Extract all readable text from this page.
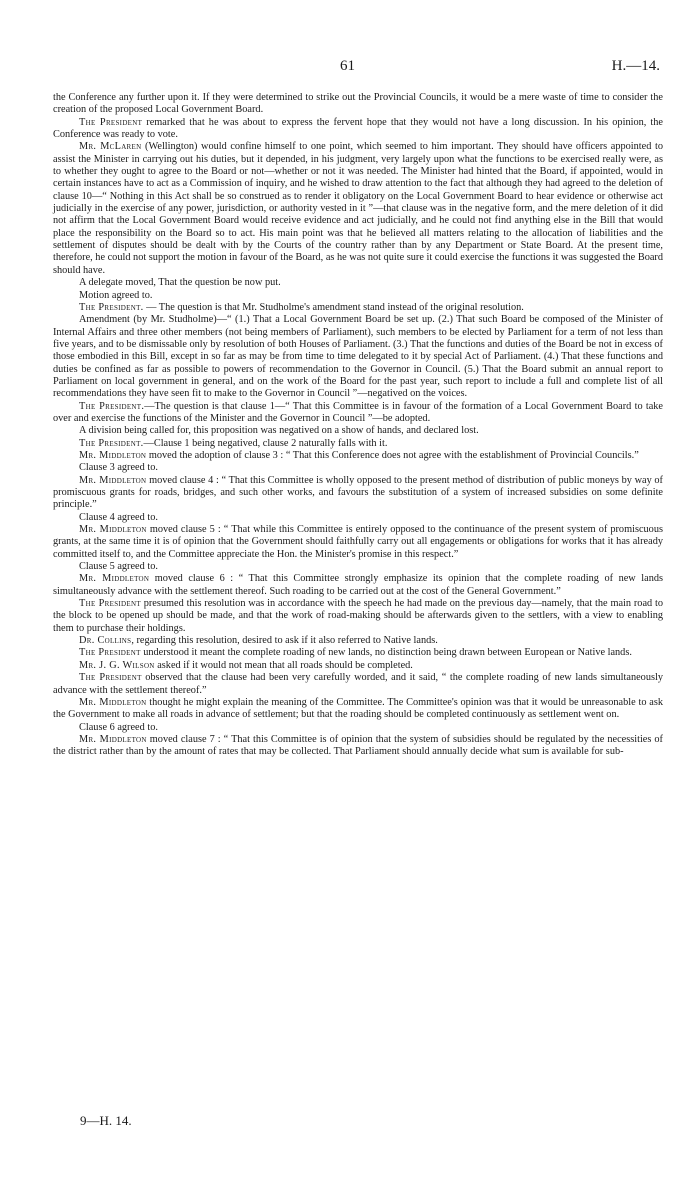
61	H.—14.

the Conference any further upon it. If they were determined to strike out the Provincial Councils, it would be a mere waste of time to consider the creation of the proposed Local Government Board.

The President remarked that he was about to express the fervent hope that they would not have a long discussion. In his opinion, the Conference was ready to vote.

Mr. McLaren (Wellington) would confine himself to one point, which seemed to him important. They should have officers appointed to assist the Minister in carrying out his duties, but it depended, in his judgment, very largely upon what the functions to be exercised really were, as to whether they ought to agree to the Board or not—whether or not it was needed. The Minister had hinted that the Board, if appointed, would in certain instances have to act as a Commission of inquiry, and he wished to draw attention to the fact that although they had agreed to the deletion of clause 10—“ Nothing in this Act shall be so construed as to render it obligatory on the Local Government Board to hear evidence or otherwise act judicially in the exercise of any power, jurisdiction, or authority vested in it ”—that clause was in the negative form, and the mere deletion of it did not affirm that the Local Government Board would receive evidence and act judicially, and he could not find anything else in the Bill that would place the responsibility on the Board so to act. His main point was that he believed all matters relating to the allocation of liabilities and the settlement of disputes should be dealt with by the Courts of the country rather than by any Department or State Board. At the present time, therefore, he could not support the motion in favour of the Board, as he was not quite sure it could exercise the functions it was suggested the Board should have.

A delegate moved, That the question be now put.

Motion agreed to.

The President. — The question is that Mr. Studholme's amendment stand instead of the original resolution.

Amendment (by Mr. Studholme)—“ (1.) That a Local Government Board be set up. (2.) That such Board be composed of the Minister of Internal Affairs and three other members (not being members of Parliament), such members to be elected by Parliament for a term of not less than five years, and to be dismissable only by resolution of both Houses of Parliament. (3.) That the functions and duties of the Board be not in excess of those embodied in this Bill, except in so far as may be from time to time delegated to it by special Act of Parliament. (4.) That these functions and duties be confined as far as possible to powers of recommendation to the Governor in Council. (5.) That the Board submit an annual report to Parliament on local government in general, and on the work of the Board for the past year, such report to include a full and complete list of all recommendations they have seen fit to make to the Governor in Council ”—negatived on the voices.

The President.—The question is that clause 1—“ That this Committee is in favour of the formation of a Local Government Board to take over and exercise the functions of the Minister and the Governor in Council ”—be adopted.

A division being called for, this proposition was negatived on a show of hands, and declared lost.

The President.—Clause 1 being negatived, clause 2 naturally falls with it.

Mr. Middleton moved the adoption of clause 3 : “ That this Conference does not agree with the establishment of Provincial Councils.”

Clause 3 agreed to.

Mr. Middleton moved clause 4 : “ That this Committee is wholly opposed to the present method of distribution of public moneys by way of promiscuous grants for roads, bridges, and such other works, and favours the substitution of a system of increased subsidies on some definite principle.”

Clause 4 agreed to.

Mr. Middleton moved clause 5 : “ That while this Committee is entirely opposed to the continuance of the present system of promiscuous grants, at the same time it is of opinion that the Government should faithfully carry out all engagements or obligations for works that it has already committed itself to, and the Committee appreciate the Hon. the Minister's promise in this respect.”

Clause 5 agreed to.

Mr. Middleton moved clause 6 : “ That this Committee strongly emphasize its opinion that the complete roading of new lands simultaneously advance with the settlement thereof. Such roading to be carried out at the cost of the General Government.”

The President presumed this resolution was in accordance with the speech he had made on the previous day—namely, that the main road to the block to be opened up should be made, and that the work of road-making should be afterwards given to the settlers, with a view to enabling them to purchase their holdings.

Dr. Collins, regarding this resolution, desired to ask if it also referred to Native lands.

The President understood it meant the complete roading of new lands, no distinction being drawn between European or Native lands.

Mr. J. G. Wilson asked if it would not mean that all roads should be completed.

The President observed that the clause had been very carefully worded, and it said, “ the complete roading of new lands simultaneously advance with the settlement thereof.”

Mr. Middleton thought he might explain the meaning of the Committee. The Committee's opinion was that it would be unreasonable to ask the Government to make all roads in advance of settlement; but that the roading should be completed continuously as settlement went on.

Clause 6 agreed to.

Mr. Middleton moved clause 7 : “ That this Committee is of opinion that the system of subsidies should be regulated by the necessities of the district rather than by the amount of rates that may be collected. That Parliament should annually decide what sum is available for sub-

9—H. 14.
